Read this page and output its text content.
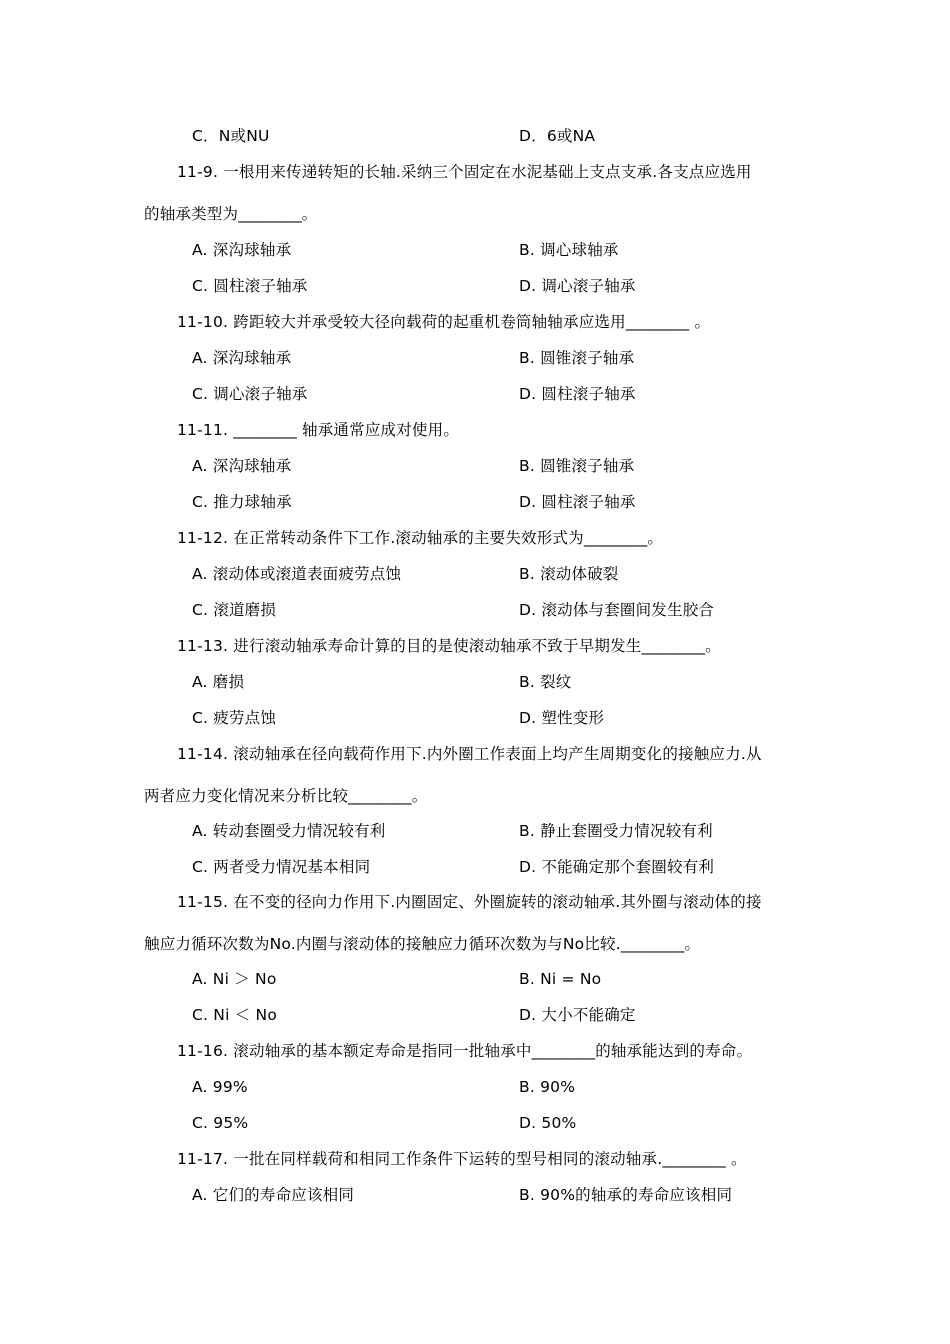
C．N或NU	D．6或NA
11-9. 一根用来传递转矩的长轴.采纳三个固定在水泥基础上支点支承.各支点应选用
的轴承类型为________。
A. 深沟球轴承	B. 调心球轴承
C. 圆柱滚子轴承	D. 调心滚子轴承
11-10. 跨距较大并承受较大径向载荷的起重机卷筒轴轴承应选用________ 。
A. 深沟球轴承	B. 圆锥滚子轴承
C. 调心滚子轴承	D. 圆柱滚子轴承
11-11. ________ 轴承通常应成对使用。
A. 深沟球轴承	B. 圆锥滚子轴承
C. 推力球轴承	D. 圆柱滚子轴承
11-12. 在正常转动条件下工作.滚动轴承的主要失效形式为________。
A. 滚动体或滚道表面疲劳点蚀	B. 滚动体破裂
C. 滚道磨损	D. 滚动体与套圈间发生胶合
11-13. 进行滚动轴承寿命计算的目的是使滚动轴承不致于早期发生________。
A. 磨损	B. 裂纹
C. 疲劳点蚀	D. 塑性变形
11-14. 滚动轴承在径向载荷作用下.内外圈工作表面上均产生周期变化的接触应力.从
两者应力变化情况来分析比较________。
A. 转动套圈受力情况较有利	B. 静止套圈受力情况较有利
C. 两者受力情况基本相同	D. 不能确定那个套圈较有利
11-15. 在不变的径向力作用下.内圈固定、外圈旋转的滚动轴承.其外圈与滚动体的接
触应力循环次数为No.内圈与滚动体的接触应力循环次数为与No比较.________。
A. Ni ＞ No	B. Ni = No
C. Ni ＜ No	D. 大小不能确定
11-16. 滚动轴承的基本额定寿命是指同一批轴承中________的轴承能达到的寿命。
A. 99%	B. 90%
C. 95%	D. 50%
11-17. 一批在同样载荷和相同工作条件下运转的型号相同的滚动轴承.________ 。
A. 它们的寿命应该相同	B. 90%的轴承的寿命应该相同
